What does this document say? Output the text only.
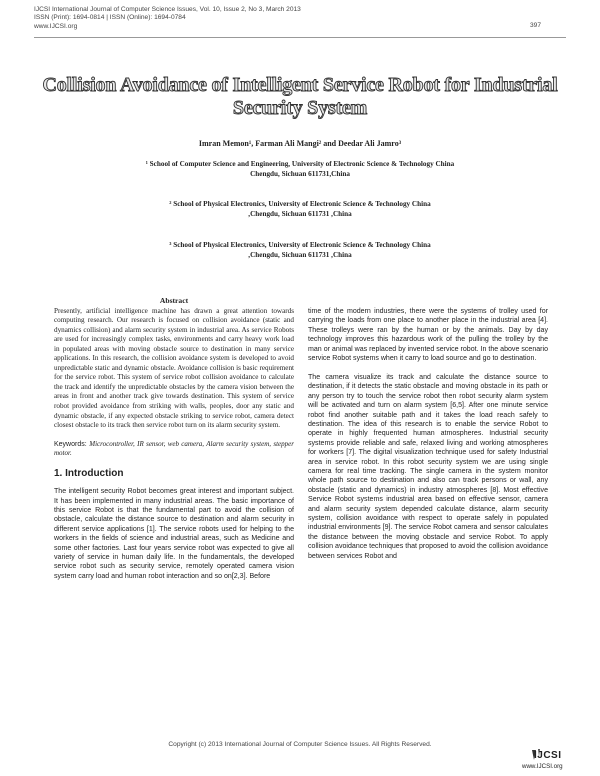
IJCSI International Journal of Computer Science Issues, Vol. 10, Issue 2, No 3, March 2013
ISSN (Print): 1694-0814 | ISSN (Online): 1694-0784
www.IJCSI.org	397
Collision Avoidance of Intelligent Service Robot for Industrial Security System
Imran Memon¹, Farman Ali Mangi² and Deedar Ali Jamro³
¹ School of Computer Science and Engineering, University of Electronic Science & Technology China
Chengdu, Sichuan 611731,China
² School of Physical Electronics, University of Electronic Science & Technology China
,Chengdu, Sichuan 611731 ,China
³ School of Physical Electronics, University of Electronic Science & Technology China
,Chengdu, Sichuan 611731 ,China
Abstract

Presently, artificial intelligence machine has drawn a great attention towards computing research. Our research is focused on collision avoidance (static and dynamics collision) and alarm security system in industrial area. As service Robots are used for increasingly complex tasks, environments and carry heavy work load in populated areas with moving obstacle source to destination in many service applications. In this research, the collision avoidance system is developed to avoid unpredictable static and dynamic obstacle. Avoidance collision is basic requirement for the service robot. This system of service robot collision avoidance to calculate the track and identify the unpredictable obstacles by the camera vision between the areas in front and another track give towards destination. This system of service robot provided avoidance from striking with walls, peoples, door any static and dynamic obstacle, if any expected obstacle striking to service robot, camera detect closest obstacle to its track then service robot turn on its alarm security system.

Keywords: Microcontroller, IR sensor, web camera, Alarm security system, stepper motor.

1. Introduction

The intelligent security Robot becomes great interest and important subject. It has been implemented in many industrial areas. The basic importance of this service Robot is that the fundamental part to avoid the collision of obstacle, calculate the distance source to destination and alarm security in different service applications [1]. The service robots used for helping to the workers in the fields of science and industrial areas, such as Medicine and some other factories. Last four years service robot was expected to give all variety of service in human daily life. In the fundamentals, the developed service robot such as security service, remotely operated camera vision system carry load and human robot interaction and so on[2,3]. Before

time of the modern industries, there were the systems of trolley used for carrying the loads from one place to another place in the industrial area [4]. These trolleys were ran by the human or by the animals. Day by day technology improves this hazardous work of the pulling the trolley by the man or animal was replaced by invented service robot. In the above scenario service Robot systems when it carry to load source and go to destination.

The camera visualize its track and calculate the distance source to destination, if it detects the static obstacle and moving obstacle in its path or any person try to touch the service robot then robot security alarm system will be activated and turn on alarm system [6,5]. After one minute service robot find another suitable path and it takes the load reach safely to destination. The idea of this research is to enable the service Robot to operate in highly frequented human atmospheres. Industrial security systems provide reliable and safe, relaxed living and working atmospheres for workers [7]. The digital visualization technique used for safety Industrial area in service robot. In this robot security system we are using single camera for real time tracking. The single camera in the system monitor whole path source to destination and also can track persons or wall, any obstacle (static and dynamics) in industry atmospheres [8]. Most effective Service Robot systems industrial area based on effective sensor, camera and alarm security system depended calculate distance, alarm security system, collision avoidance with respect to operate safely in populated industrial environments [9]. The service Robot camera and sensor calculates the distance between the moving obstacle and service Robot. To apply collision avoidance techniques that proposed to avoid the collision avoidance between services Robot and

Copyright (c) 2013 International Journal of Computer Science Issues. All Rights Reserved.
IJCSI
www.IJCSI.org
